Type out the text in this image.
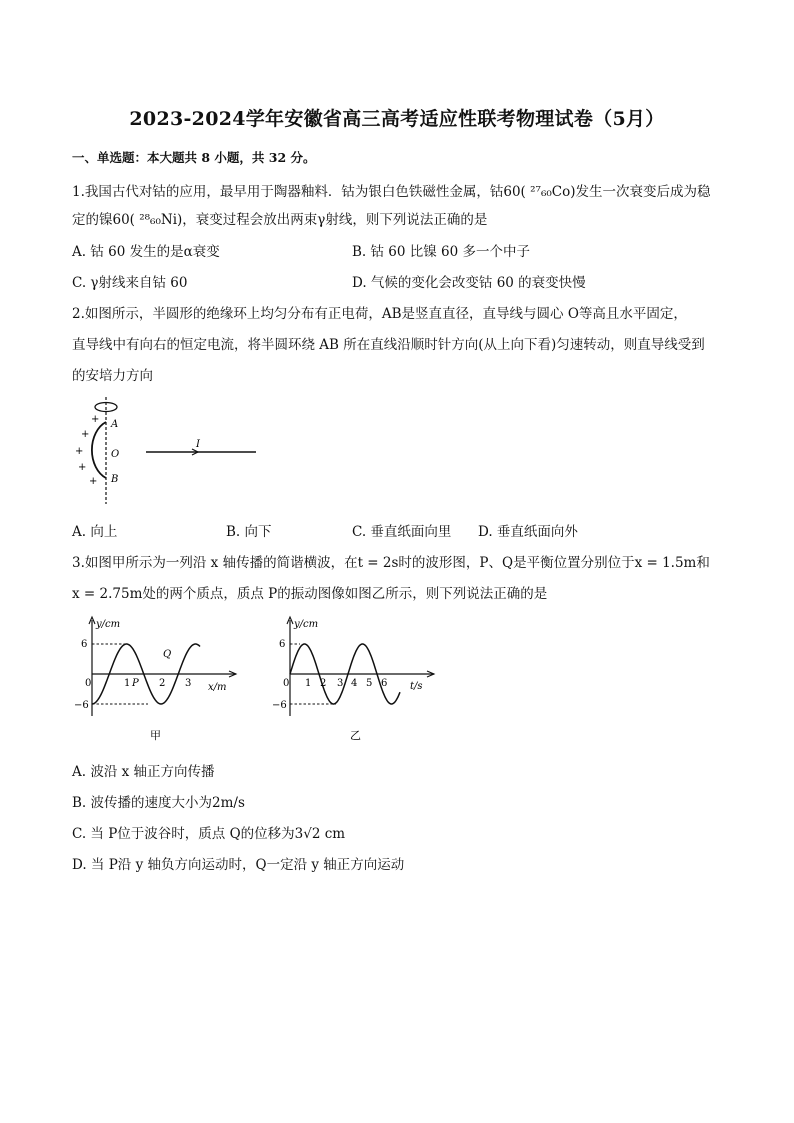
2023-2024学年安徽省高三高考适应性联考物理试卷（5月）
一、单选题：本大题共 8 小题，共 32 分。
1.我国古代对钴的应用，最早用于陶器釉料．钴为银白色铁磁性金属，钴60( ²⁷₆₀Co)发生一次衰变后成为稳
定的镍60( ²⁸₆₀Ni)，衰变过程会放出两束γ射线，则下列说法正确的是
A. 钴 60 发生的是α衰变	B. 钴 60 比镍 60 多一个中子
C. γ射线来自钴 60	D. 气候的变化会改变钴 60 的衰变快慢
2.如图所示，半圆形的绝缘环上均匀分布有正电荷，AB是竖直直径，直导线与圆心 O等高且水平固定，
直导线中有向右的恒定电流，将半圆环绕 AB 所在直线沿顺时针方向(从上向下看)匀速转动，则直导线受到
的安培力方向
+
+
+
+
+
A
O
B
I
A. 向上	B. 向下	C. 垂直纸面向里 D. 垂直纸面向外
3.如图甲所示为一列沿 x 轴传播的简谐横波，在t = 2s时的波形图，P、Q是平衡位置分别位于x = 1.5m和
x = 2.75m处的两个质点，质点 P的振动图像如图乙所示，则下列说法正确的是
y/cm
6
−6
0	1 P 2 3
Q
x/m
甲
y/cm
6
−6
0 1 2 3 4 5 6 t/s
乙
A. 波沿 x 轴正方向传播
B. 波传播的速度大小为2m/s
C. 当 P位于波谷时，质点 Q的位移为3√2 cm
D. 当 P沿 y 轴负方向运动时，Q一定沿 y 轴正方向运动
